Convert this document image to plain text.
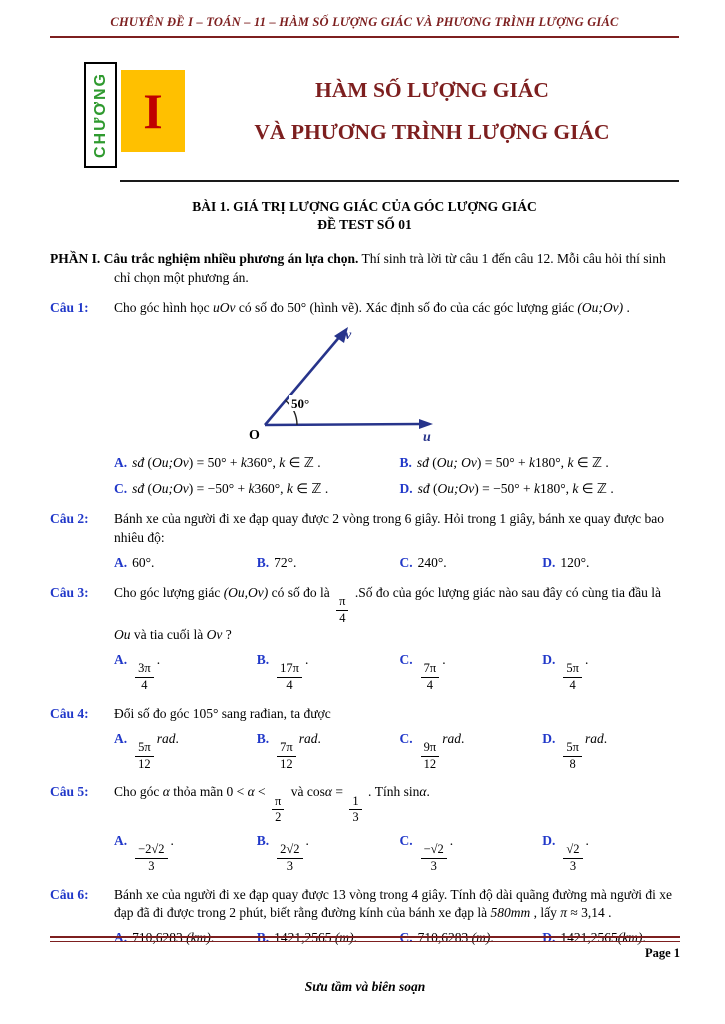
CHUYÊN ĐỀ I – TOÁN – 11 – HÀM SỐ LƯỢNG GIÁC VÀ PHƯƠNG TRÌNH LƯỢNG GIÁC
CHƯƠNG I	HÀM SỐ LƯỢNG GIÁC
VÀ PHƯƠNG TRÌNH LƯỢNG GIÁC
BÀI 1. GIÁ TRỊ LƯỢNG GIÁC CỦA GÓC LƯỢNG GIÁC
ĐỀ TEST SỐ 01
PHẦN I. Câu trắc nghiệm nhiều phương án lựa chọn. Thí sinh trà lời từ câu 1 đến câu 12. Mỗi câu hỏi thí sinh chỉ chọn một phương án.
Câu 1:	Cho góc hình học uOv có số đo 50° (hình vẽ). Xác định số đo của các góc lượng giác (Ou;Ov) .
50°
O	u
v
A. sđ (Ou;Ov) = 50° + k360°, k ∈ ℤ .	B. sđ (Ou; Ov) = 50° + k180°, k ∈ ℤ .
C. sđ (Ou;Ov) = −50° + k360°, k ∈ ℤ .	D. sđ (Ou;Ov) = −50° + k180°, k ∈ ℤ .
Câu 2:	Bánh xe của người đi xe đạp quay được 2 vòng trong 6 giây. Hỏi trong 1 giây, bánh xe quay được bao nhiêu độ:
A. 60°.	B. 72°.	C. 240°.	D. 120°.
Câu 3:	Cho góc lượng giác (Ou,Ov) có số đo là
$\frac{\pi}{4}$
.Số đo của góc lượng giác nào sau đây có cùng tia đầu là Ou và tia cuối là Ov ?
A.
$\frac{3\pi}{4}$
.	B.
$\frac{17\pi}{4}$
.	C.
$\frac{7\pi}{4}$
.	D.
$\frac{5\pi}{4}$
.
Câu 4:	Đổi số đo góc 105° sang rađian, ta được
A.
$\frac{5\pi}{12}$
rad.	B.
$\frac{7\pi}{12}$
rad.	C.
$\frac{9\pi}{12}$
rad.	D.
$\frac{5\pi}{8}$
rad.
Câu 5:	Cho góc α thỏa mãn 0 < α <
$\frac{\pi}{2}$
và cosα =
$\frac{1}{3}$
. Tính sinα.
A.
$\frac{-2√2}{3}$
.	B.
$\frac{2√2}{3}$
.	C.
$\frac{-√2}{3}$
.	D.
$\frac{√2}{3}$
.
Câu 6:	Bánh xe của người đi xe đạp quay được 13 vòng trong 4 giây. Tính độ dài quãng đường mà người đi xe đạp đã đi được trong 2 phút, biết rằng đường kính của bánh xe đạp là 580mm , lấy π ≈ 3,14 .
A. 710,6283 (km).	B. 1421,2565 (m).	C. 710,6283 (m).	D. 1421,2565(km).
Page 1
Sưu tầm và biên soạn
